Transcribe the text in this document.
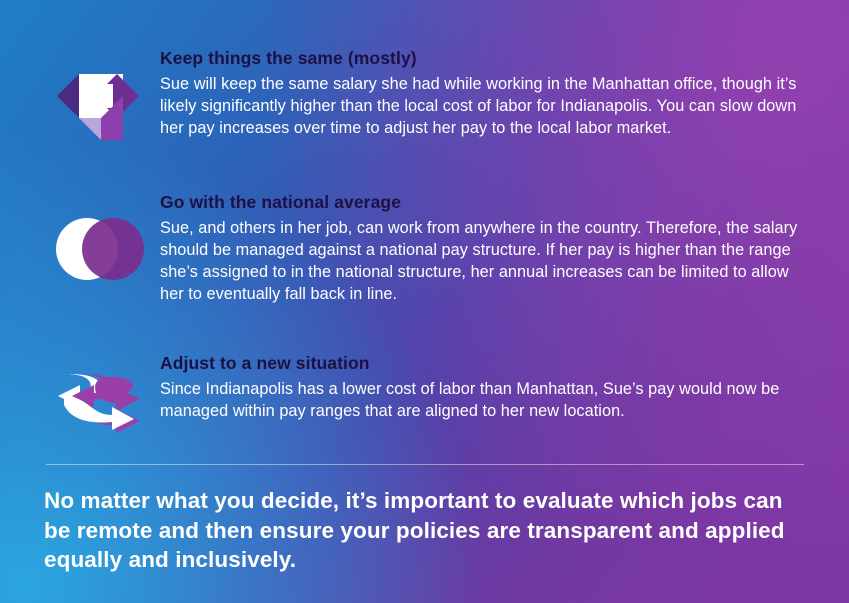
Keep things the same (mostly)

Sue will keep the same salary she had while working in the Manhattan office, though it’s likely significantly higher than the local cost of labor for Indianapolis. You can slow down her pay increases over time to adjust her pay to the local labor market.

Go with the national average

Sue, and others in her job, can work from anywhere in the country. Therefore, the salary should be managed against a national pay structure. If her pay is higher than the range she’s assigned to in the national structure, her annual increases can be limited to allow her to eventually fall back in line.

Adjust to a new situation

Since Indianapolis has a lower cost of labor than Manhattan, Sue’s pay would now be managed within pay ranges that are aligned to her new location.

No matter what you decide, it’s important to evaluate which jobs can be remote and then ensure your policies are transparent and applied equally and inclusively.
